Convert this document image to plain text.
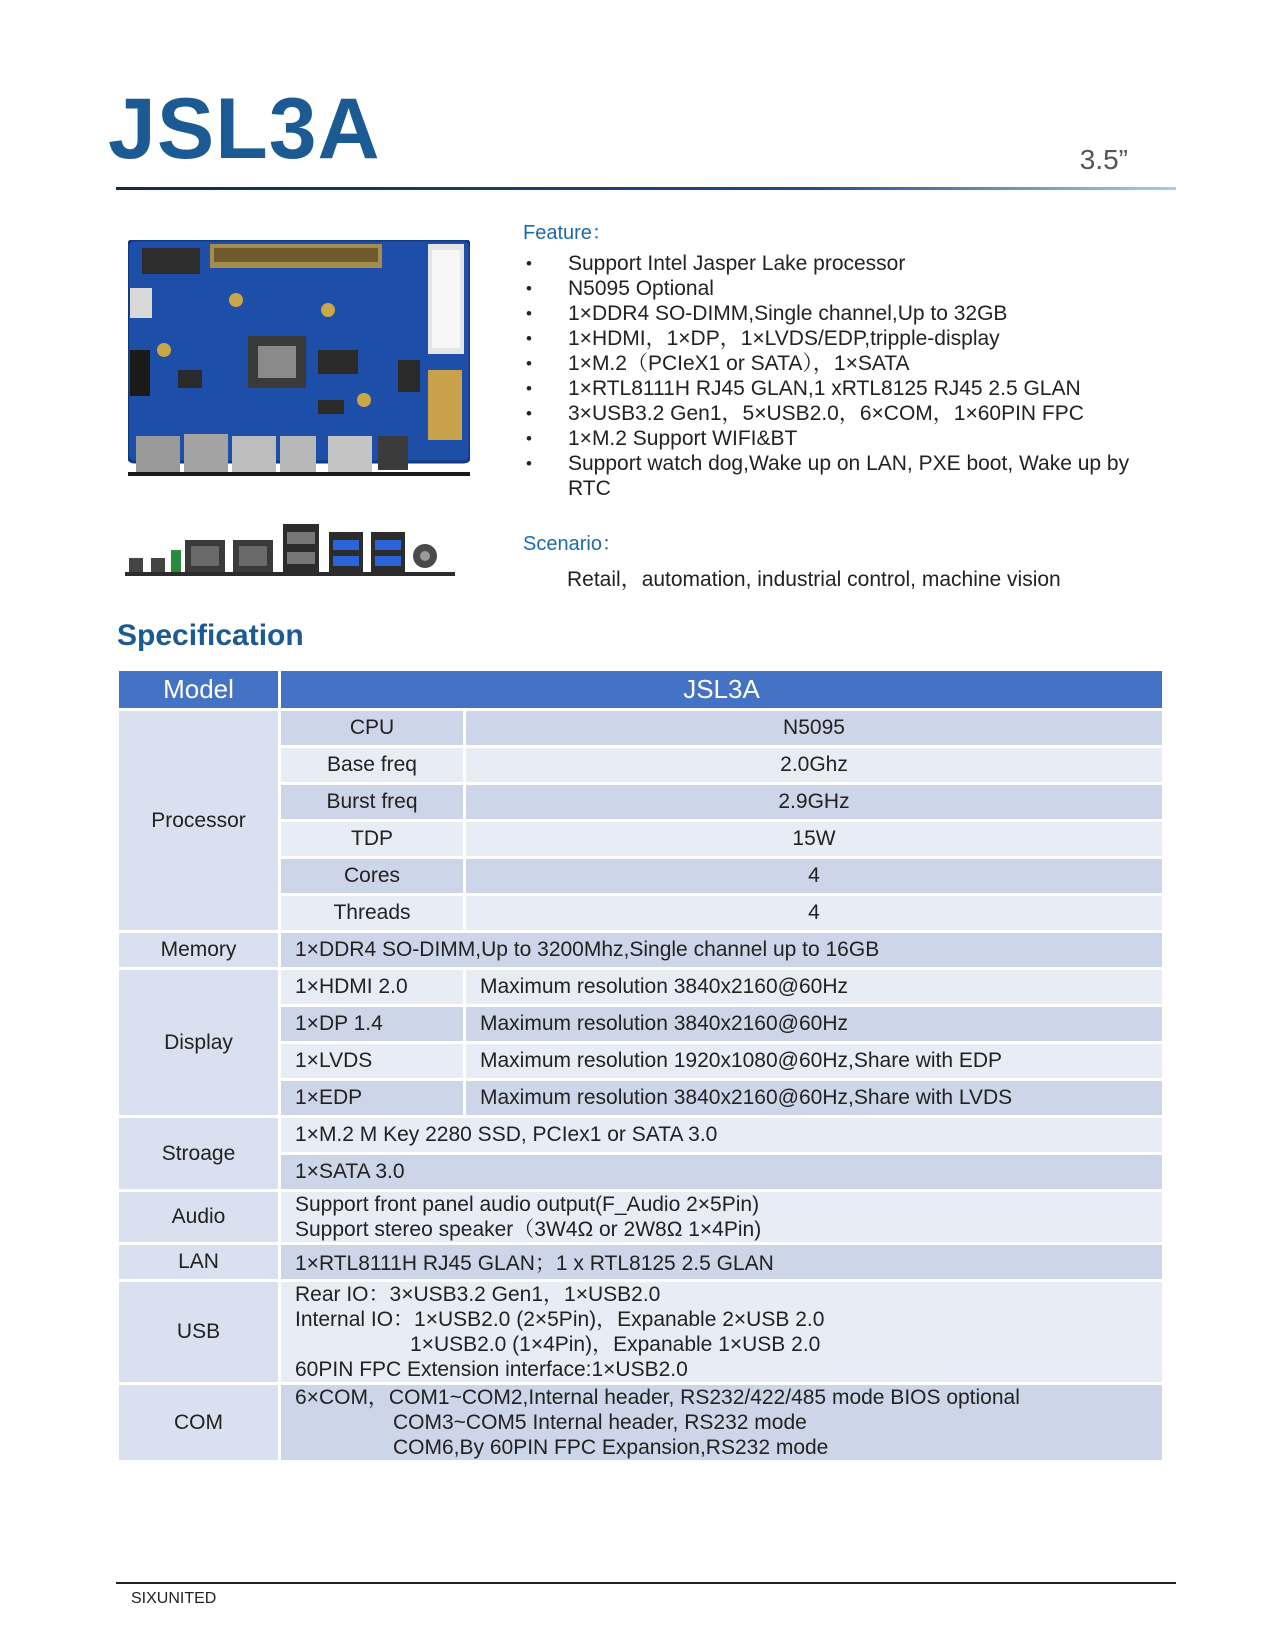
JSL3A	3.5”
Feature：
• Support Intel Jasper Lake processor
• N5095 Optional
• 1×DDR4 SO-DIMM,Single channel,Up to 32GB
• 1×HDMI，1×DP，1×LVDS/EDP,tripple-display
• 1×M.2（PCIeX1 or SATA），1×SATA
• 1×RTL8111H RJ45 GLAN,1 xRTL8125 RJ45 2.5 GLAN
• 3×USB3.2 Gen1，5×USB2.0，6×COM，1×60PIN FPC
• 1×M.2 Support WIFI&BT
• Support watch dog,Wake up on LAN, PXE boot, Wake up by RTC
Scenario：
Retail，automation, industrial control, machine vision
Specification
Model	JSL3A	
Processor	CPU	N5095
	Base freq	2.0Ghz
	Burst freq	2.9GHz
	TDP	15W
	Cores	4
	Threads	4
Memory	1×DDR4 SO-DIMM,Up to 3200Mhz,Single channel up to 16GB	
Display	1×HDMI 2.0	Maximum resolution 3840x2160@60Hz
	1×DP 1.4	Maximum resolution 3840x2160@60Hz
	1×LVDS	Maximum resolution 1920x1080@60Hz,Share with EDP
	1×EDP	Maximum resolution 3840x2160@60Hz,Share with LVDS
Stroage	1×M.2 M Key 2280 SSD, PCIex1 or SATA 3.0	
	1×SATA 3.0	
Audio	Support front panel audio output(F_Audio 2×5Pin)
Support stereo speaker（3W4Ω or 2W8Ω 1×4Pin)	

LAN	1×RTL8111H RJ45 GLAN；1 x RTL8125 2.5 GLAN	
USB	Rear IO：3×USB3.2 Gen1，1×USB2.0
Internal IO：1×USB2.0 (2×5Pin)，Expanable 2×USB 2.0
1×USB2.0 (1×4Pin)，Expanable 1×USB 2.0
60PIN FPC Extension interface:1×USB2.0	

COM	6×COM，COM1~COM2,Internal header, RS232/422/485 mode BIOS optional
COM3~COM5 Internal header, RS232 mode
COM6,By 60PIN FPC Expansion,RS232 mode	
SIXUNITED
